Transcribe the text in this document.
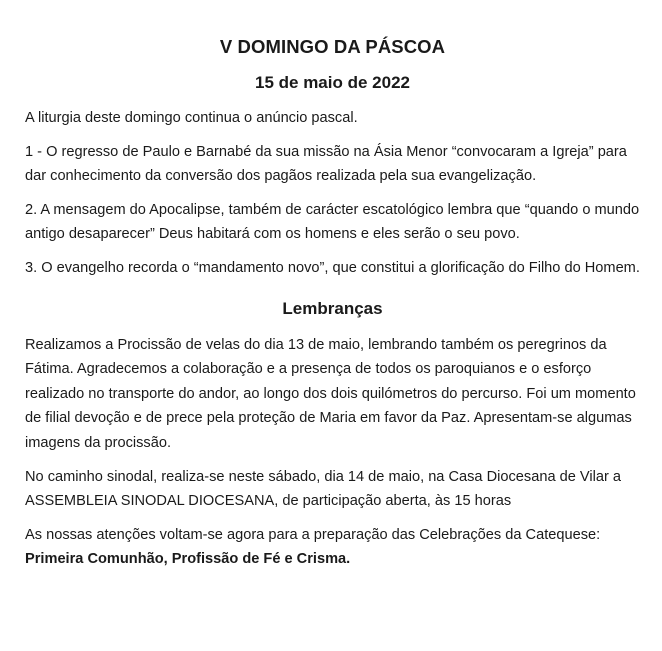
V DOMINGO DA PÁSCOA
15 de maio de 2022

A liturgia deste domingo continua o anúncio pascal.

1 - O regresso de Paulo e Barnabé da sua missão na Ásia Menor “convocaram a Igreja” para dar conhecimento da conversão dos pagãos realizada pela sua evangelização.

2. A mensagem do Apocalipse, também de carácter escatológico lembra que “quando o mundo antigo desaparecer” Deus habitará com os homens e eles serão o seu povo.

3. O evangelho recorda o “mandamento novo”, que constitui a glorificação do Filho do Homem.

Lembranças

Realizamos a Procissão de velas do dia 13 de maio, lembrando também os peregrinos da Fátima. Agradecemos a colaboração e a presença de todos os paroquianos e o esforço realizado no transporte do andor, ao longo dos dois quilómetros do percurso. Foi um momento de filial devoção e de prece pela proteção de Maria em favor da Paz. Apresentam-se algumas imagens da procissão.

No caminho sinodal, realiza-se neste sábado, dia 14 de maio, na Casa Diocesana de Vilar a ASSEMBLEIA SINODAL DIOCESANA, de participação aberta, às 15 horas

As nossas atenções voltam-se agora para a preparação das Celebrações da Catequese:
Primeira Comunhão, Profissão de Fé e Crisma.
